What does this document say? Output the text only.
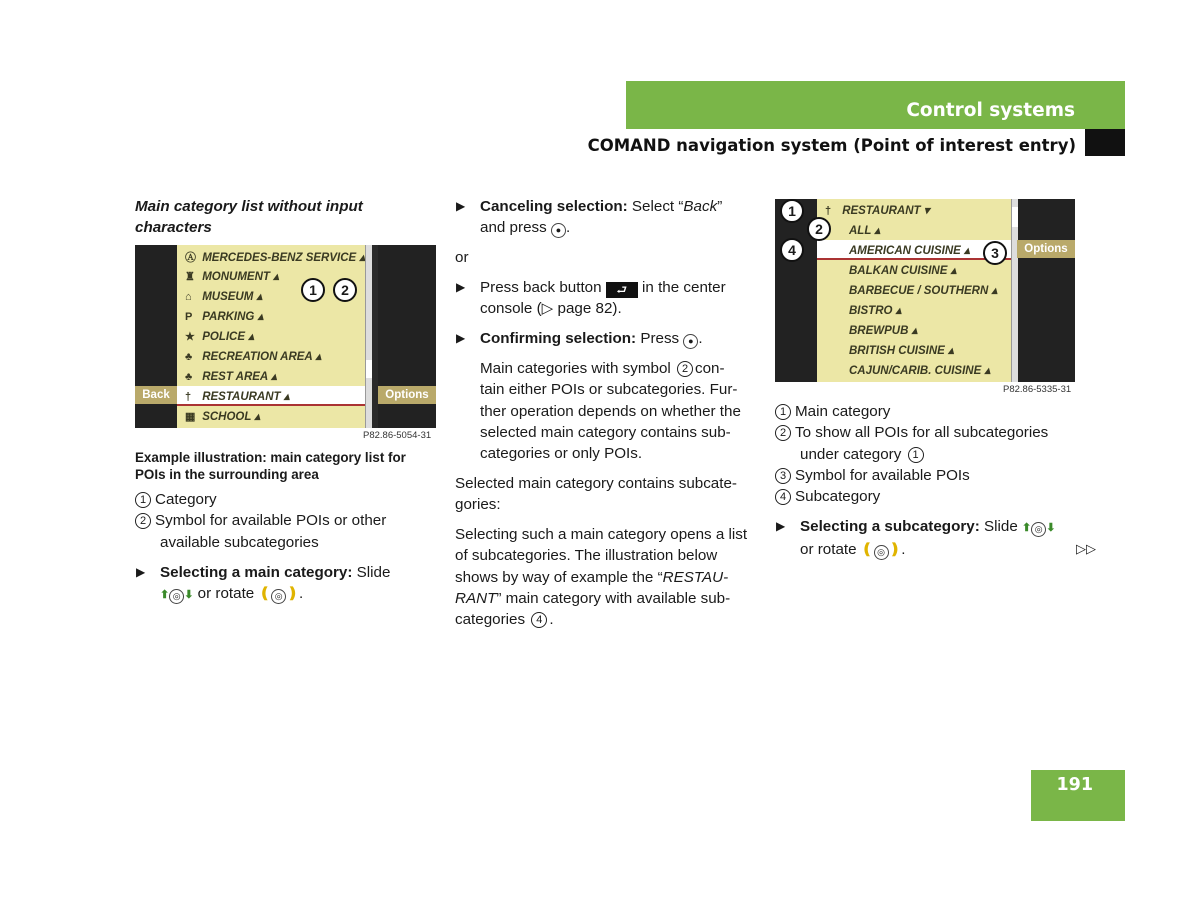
Control systems
COMAND navigation system (Point of interest entry)
Main category list without input
characters
Ⓐ MERCEDES-BENZ SERVICE ▴
♜ MONUMENT ▴
⌂ MUSEUM ▴
P PARKING ▴
★ POLICE ▴
♣ RECREATION AREA ▴
♣ REST AREA ▴
† RESTAURANT ▴
▦ SCHOOL ▴
Back	Options
1	2
P82.86-5054-31
Example illustration: main category list for
POIs in the surrounding area
1 Category
2 Symbol for available POIs or other
available subcategories
▶ Selecting a main category: Slide
⬆ ◎ ⬇ or rotate ❪ ◎ ❫.
▶ Canceling selection: Select “Back”
and press ● .
or
▶ Press back button ⮐ in the center
console (▷ page 82).
▶ Confirming selection: Press ● .
Main categories with symbol 2 con-
tain either POIs or subcategories. Fur-
ther operation depends on whether the
selected main category contains sub-
categories or only POIs.
Selected main category contains subcate-
gories:
Selecting such a main category opens a list
of subcategories. The illustration below
shows by way of example the “RESTAU-
RANT” main category with available sub-
categories 4 .
† RESTAURANT ▾
ALL ▴
AMERICAN CUISINE ▴
BALKAN CUISINE ▴
BARBECUE / SOUTHERN ▴
BISTRO ▴
BREWPUB ▴
BRITISH CUISINE ▴
CAJUN/CARIB. CUISINE ▴
Options
1
2
4	3
P82.86-5335-31
1 Main category
2 To show all POIs for all subcategories
under category 1
3 Symbol for available POIs
4 Subcategory
▶ Selecting a subcategory: Slide ⬆ ◎ ⬇
or rotate ❪ ◎ ❫.	▷▷
191
